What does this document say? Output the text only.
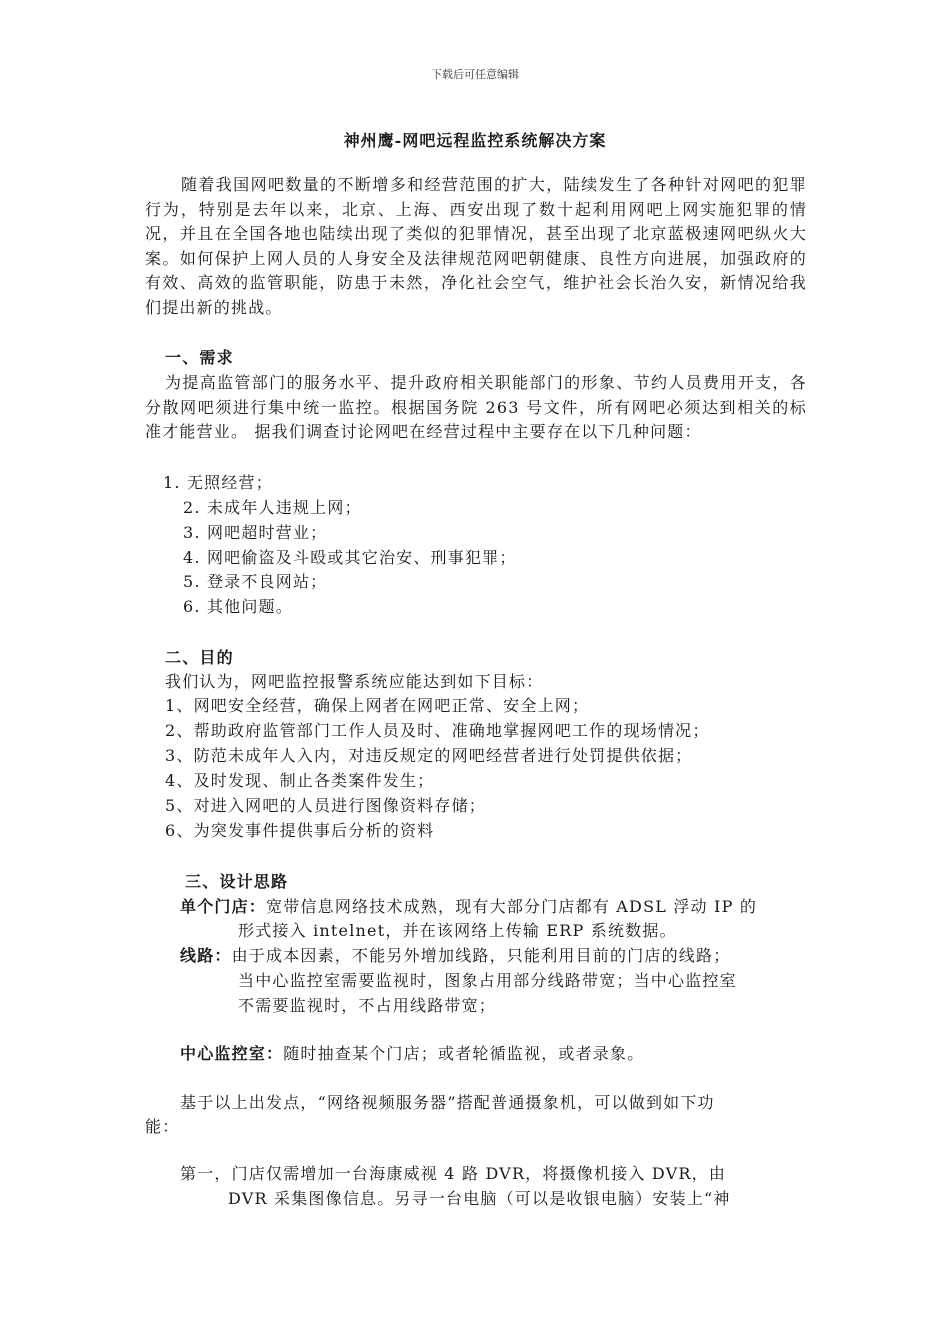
下载后可任意编辑
神州鹰-网吧远程监控系统解决方案
随着我国网吧数量的不断增多和经营范围的扩大，陆续发生了各种针对网吧的犯罪行为，特别是去年以来，北京、上海、西安出现了数十起利用网吧上网实施犯罪的情况，并且在全国各地也陆续出现了类似的犯罪情况，甚至出现了北京蓝极速网吧纵火大案。如何保护上网人员的人身安全及法律规范网吧朝健康、良性方向进展，加强政府的有效、高效的监管职能，防患于未然，净化社会空气，维护社会长治久安，新情况给我们提出新的挑战。
一、需求
为提高监管部门的服务水平、提升政府相关职能部门的形象、节约人员费用开支，各分散网吧须进行集中统一监控。根据国务院 263 号文件，所有网吧必须达到相关的标准才能营业。 据我们调查讨论网吧在经营过程中主要存在以下几种问题：
1. 无照经营；
2. 未成年人违规上网；
3. 网吧超时营业；
4. 网吧偷盗及斗殴或其它治安、刑事犯罪；
5. 登录不良网站；
6. 其他问题。
二、目的
我们认为，网吧监控报警系统应能达到如下目标：
1、网吧安全经营，确保上网者在网吧正常、安全上网；
2、帮助政府监管部门工作人员及时、准确地掌握网吧工作的现场情况；
3、防范未成年人入内，对违反规定的网吧经营者进行处罚提供依据；
4、及时发现、制止各类案件发生；
5、对进入网吧的人员进行图像资料存储；
6、为突发事件提供事后分析的资料
三、设计思路
单个门店：宽带信息网络技术成熟，现有大部分门店都有 ADSL 浮动 IP 的
形式接入 intelnet，并在该网络上传输 ERP 系统数据。
线路：由于成本因素，不能另外增加线路，只能利用目前的门店的线路；
当中心监控室需要监视时，图象占用部分线路带宽；当中心监控室
不需要监视时，不占用线路带宽；
中心监控室：随时抽查某个门店；或者轮循监视，或者录象。
基于以上出发点，“网络视频服务器”搭配普通摄象机，可以做到如下功
能：
第一，门店仅需增加一台海康威视 4 路 DVR，将摄像机接入 DVR，由
DVR 采集图像信息。另寻一台电脑（可以是收银电脑）安装上“神
